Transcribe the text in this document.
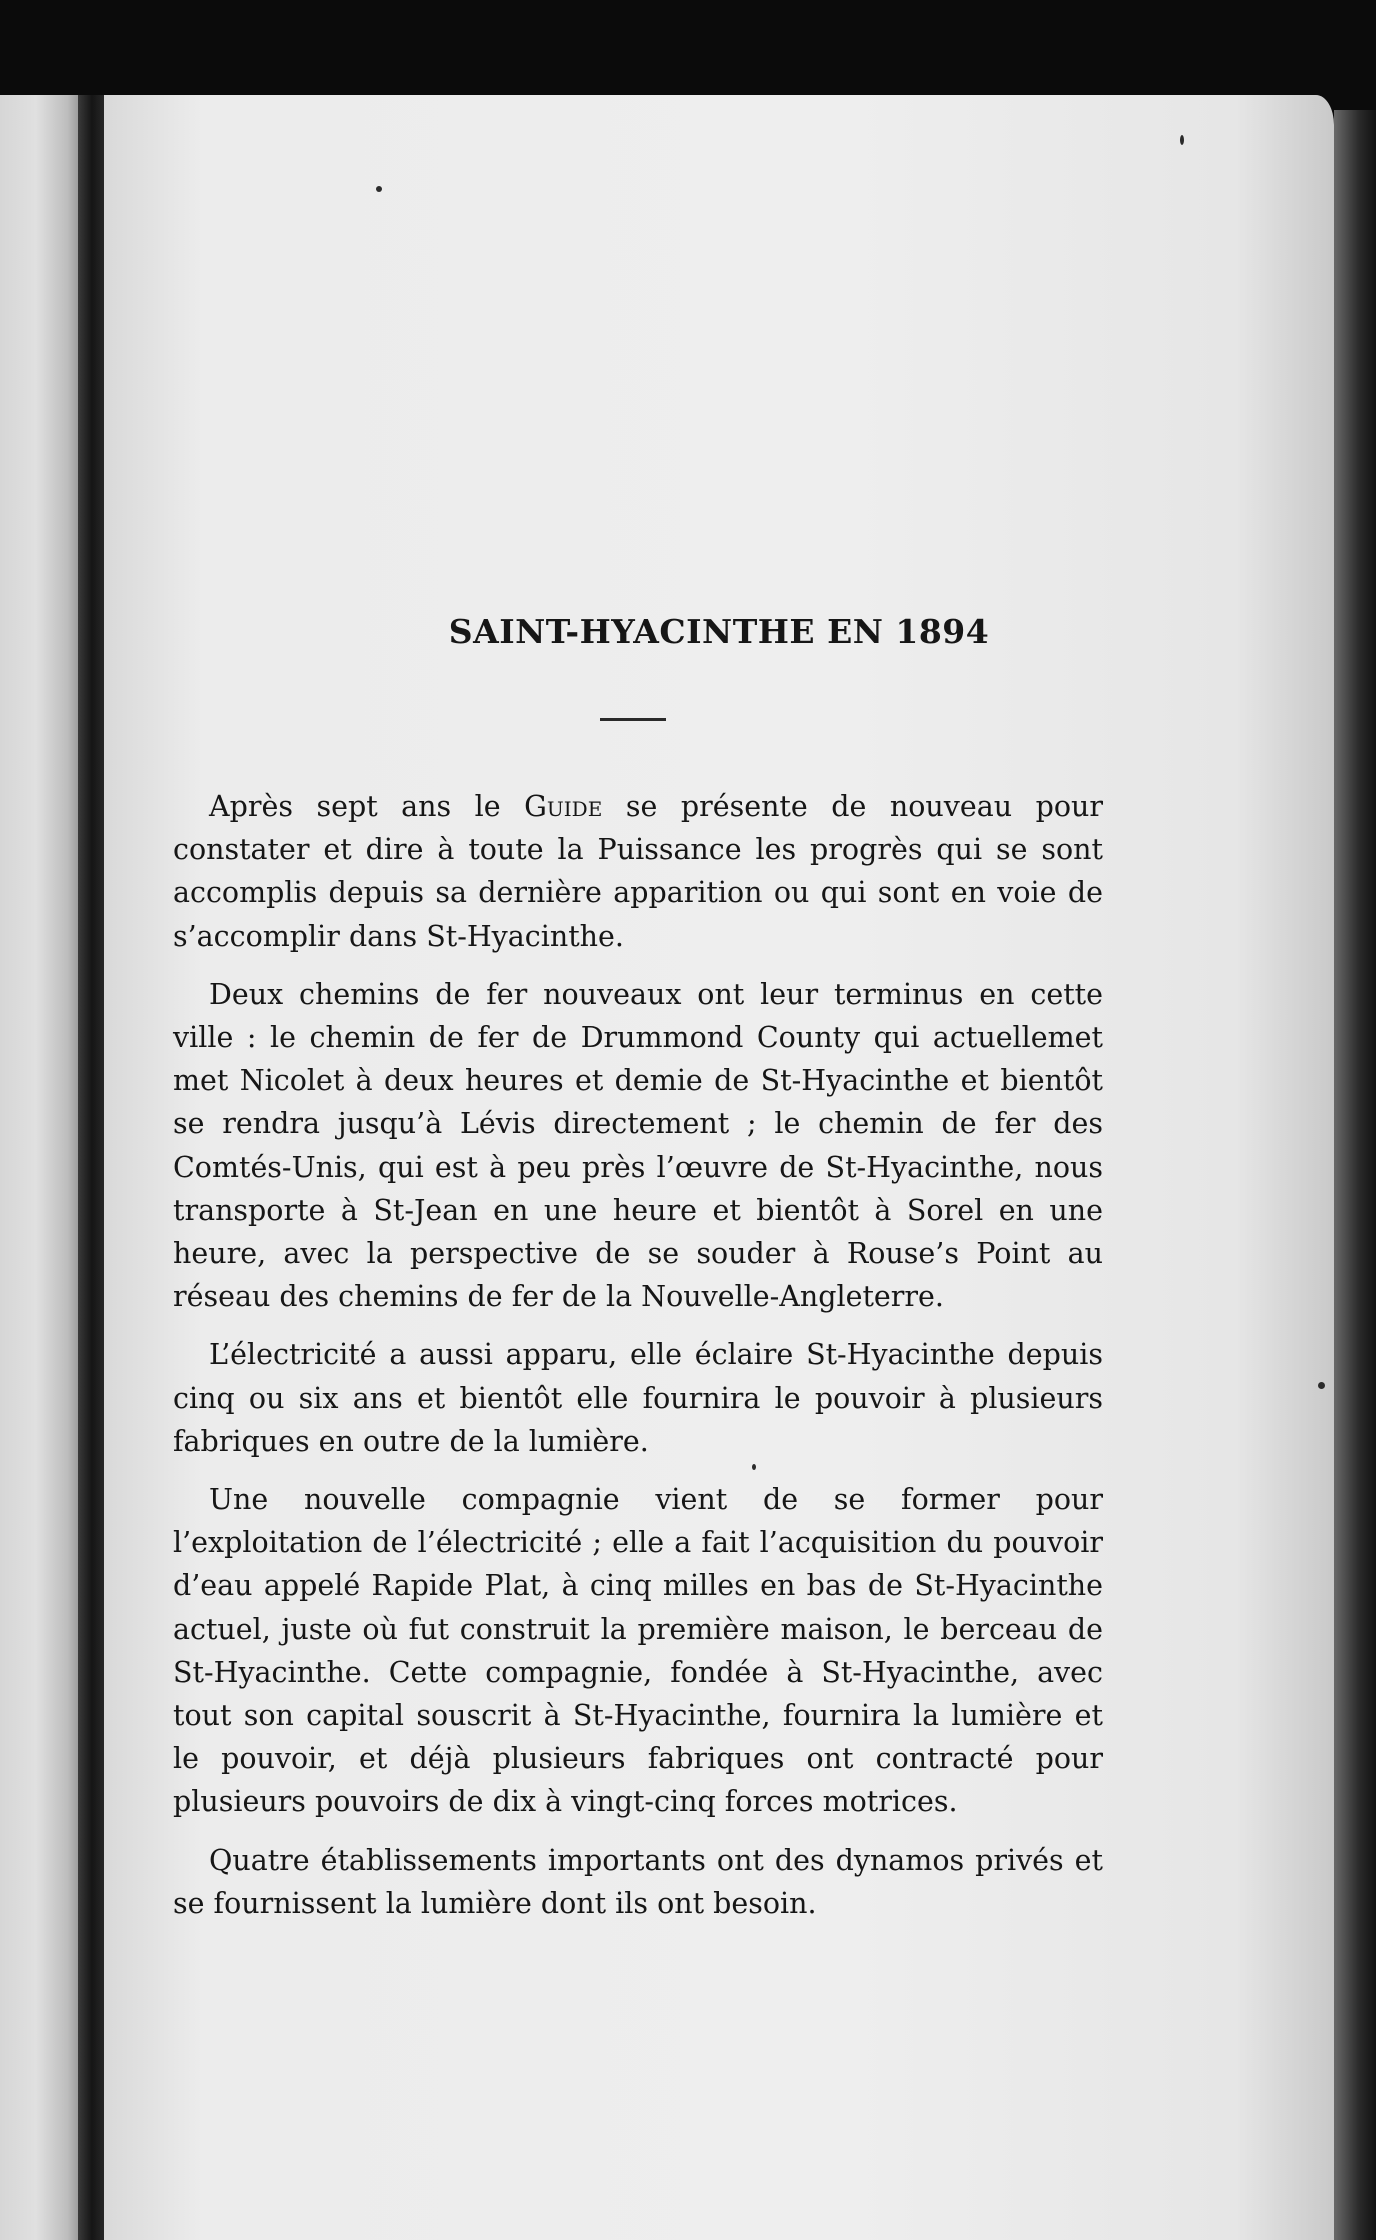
SAINT-HYACINTHE EN 1894

Après sept ans le Guide se présente de nouveau pour constater et dire à toute la Puissance les progrès qui se sont accomplis depuis sa dernière apparition ou qui sont en voie de s’accomplir dans St-Hyacinthe.

Deux chemins de fer nouveaux ont leur terminus en cette ville : le chemin de fer de Drummond County qui actuellemet met Nicolet à deux heures et demie de St-Hyacinthe et bientôt se rendra jusqu’à Lévis directement ; le chemin de fer des Comtés-Unis, qui est à peu près l’œuvre de St-Hyacinthe, nous transporte à St-Jean en une heure et bientôt à Sorel en une heure, avec la perspective de se souder à Rouse’s Point au réseau des chemins de fer de la Nouvelle-Angleterre.

L’électricité a aussi apparu, elle éclaire St-Hyacinthe depuis cinq ou six ans et bientôt elle fournira le pouvoir à plusieurs fabriques en outre de la lumière.

Une nouvelle compagnie vient de se former pour l’exploitation de l’électricité ; elle a fait l’acquisition du pouvoir d’eau appelé Rapide Plat, à cinq milles en bas de St-Hyacinthe actuel, juste où fut construit la première maison, le berceau de St-Hyacinthe. Cette compagnie, fondée à St-Hyacinthe, avec tout son capital souscrit à St-Hyacinthe, fournira la lumière et le pouvoir, et déjà plusieurs fabriques ont contracté pour plusieurs pouvoirs de dix à vingt-cinq forces motrices.

Quatre établissements importants ont des dynamos privés et se fournissent la lumière dont ils ont besoin.
